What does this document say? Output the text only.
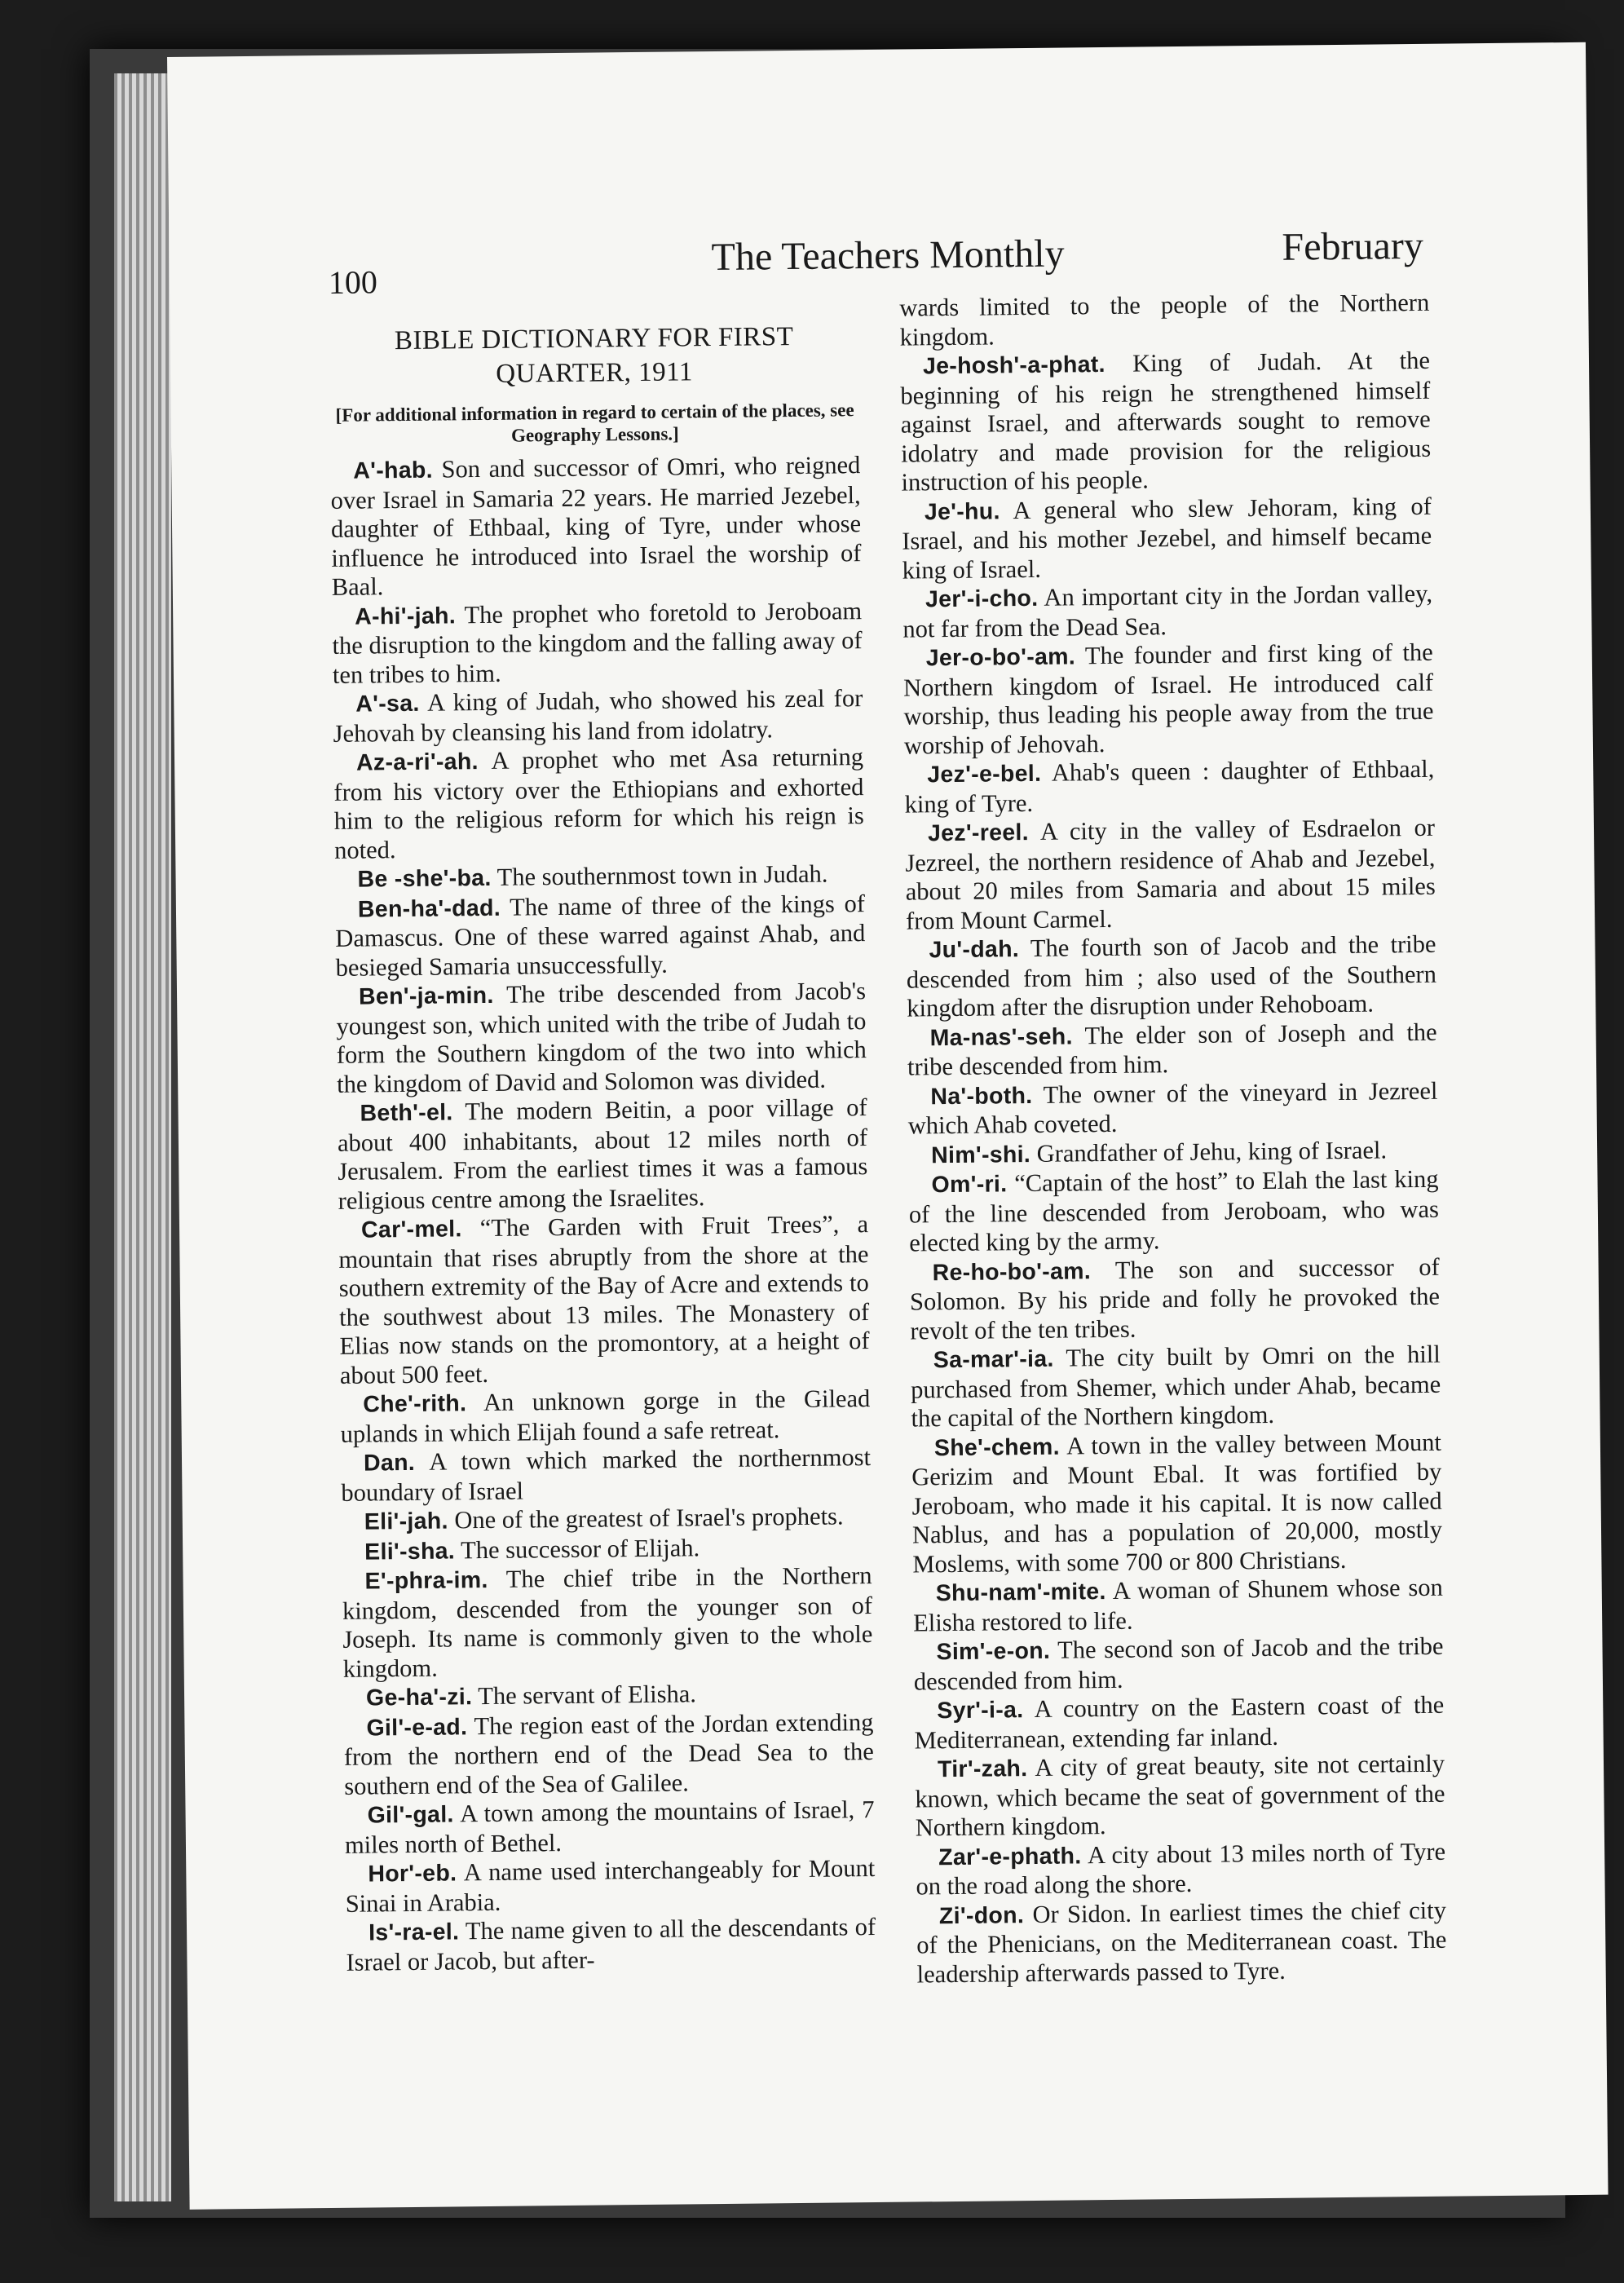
100
The Teachers Monthly	February
BIBLE DICTIONARY FOR FIRST
QUARTER, 1911
[For additional information in regard to certain of the places, see Geography Lessons.]

A'-hab. Son and successor of Omri, who reigned over Israel in Samaria 22 years. He married Jezebel, daughter of Ethbaal, king of Tyre, under whose influence he introduced into Israel the worship of Baal.

A-hi'-jah. The prophet who foretold to Jeroboam the disruption to the kingdom and the falling away of ten tribes to him.

A'-sa. A king of Judah, who showed his zeal for Jehovah by cleansing his land from idolatry.

Az-a-ri'-ah. A prophet who met Asa returning from his victory over the Ethiopians and exhorted him to the religious reform for which his reign is noted.

Be -she'-ba. The southernmost town in Judah.

Ben-ha'-dad. The name of three of the kings of Damascus. One of these warred against Ahab, and besieged Samaria unsuccessfully.

Ben'-ja-min. The tribe descended from Jacob's youngest son, which united with the tribe of Judah to form the Southern kingdom of the two into which the kingdom of David and Solomon was divided.

Beth'-el. The modern Beitin, a poor village of about 400 inhabitants, about 12 miles north of Jerusalem. From the earliest times it was a famous religious centre among the Israelites.

Car'-mel. “The Garden with Fruit Trees”, a mountain that rises abruptly from the shore at the southern extremity of the Bay of Acre and extends to the southwest about 13 miles. The Monastery of Elias now stands on the promontory, at a height of about 500 feet.

Che'-rith. An unknown gorge in the Gilead uplands in which Elijah found a safe retreat.

Dan. A town which marked the northernmost boundary of Israel

Eli'-jah. One of the greatest of Israel's prophets.

Eli'-sha. The successor of Elijah.

E'-phra-im. The chief tribe in the Northern kingdom, descended from the younger son of Joseph. Its name is commonly given to the whole kingdom.

Ge-ha'-zi. The servant of Elisha.

Gil'-e-ad. The region east of the Jordan extending from the northern end of the Dead Sea to the southern end of the Sea of Galilee.

Gil'-gal. A town among the mountains of Israel, 7 miles north of Bethel.

Hor'-eb. A name used interchangeably for Mount Sinai in Arabia.

Is'-ra-el. The name given to all the descendants of Israel or Jacob, but after-

wards limited to the people of the Northern kingdom.

Je-hosh'-a-phat. King of Judah. At the beginning of his reign he strengthened himself against Israel, and afterwards sought to remove idolatry and made provision for the religious instruction of his people.

Je'-hu. A general who slew Jehoram, king of Israel, and his mother Jezebel, and himself became king of Israel.

Jer'-i-cho. An important city in the Jordan valley, not far from the Dead Sea.

Jer-o-bo'-am. The founder and first king of the Northern kingdom of Israel. He introduced calf worship, thus leading his people away from the true worship of Jehovah.

Jez'-e-bel. Ahab's queen : daughter of Ethbaal, king of Tyre.

Jez'-reel. A city in the valley of Esdraelon or Jezreel, the northern residence of Ahab and Jezebel, about 20 miles from Samaria and about 15 miles from Mount Carmel.

Ju'-dah. The fourth son of Jacob and the tribe descended from him ; also used of the Southern kingdom after the disruption under Rehoboam.

Ma-nas'-seh. The elder son of Joseph and the tribe descended from him.

Na'-both. The owner of the vineyard in Jezreel which Ahab coveted.

Nim'-shi. Grandfather of Jehu, king of Israel.

Om'-ri. “Captain of the host” to Elah the last king of the line descended from Jeroboam, who was elected king by the army.

Re-ho-bo'-am. The son and successor of Solomon. By his pride and folly he provoked the revolt of the ten tribes.

Sa-mar'-ia. The city built by Omri on the hill purchased from Shemer, which under Ahab, became the capital of the Northern kingdom.

She'-chem. A town in the valley between Mount Gerizim and Mount Ebal. It was fortified by Jeroboam, who made it his capital. It is now called Nablus, and has a population of 20,000, mostly Moslems, with some 700 or 800 Christians.

Shu-nam'-mite. A woman of Shunem whose son Elisha restored to life.

Sim'-e-on. The second son of Jacob and the tribe descended from him.

Syr'-i-a. A country on the Eastern coast of the Mediterranean, extending far inland.

Tir'-zah. A city of great beauty, site not certainly known, which became the seat of government of the Northern kingdom.

Zar'-e-phath. A city about 13 miles north of Tyre on the road along the shore.

Zi'-don. Or Sidon. In earliest times the chief city of the Phenicians, on the Mediterranean coast. The leadership afterwards passed to Tyre.
